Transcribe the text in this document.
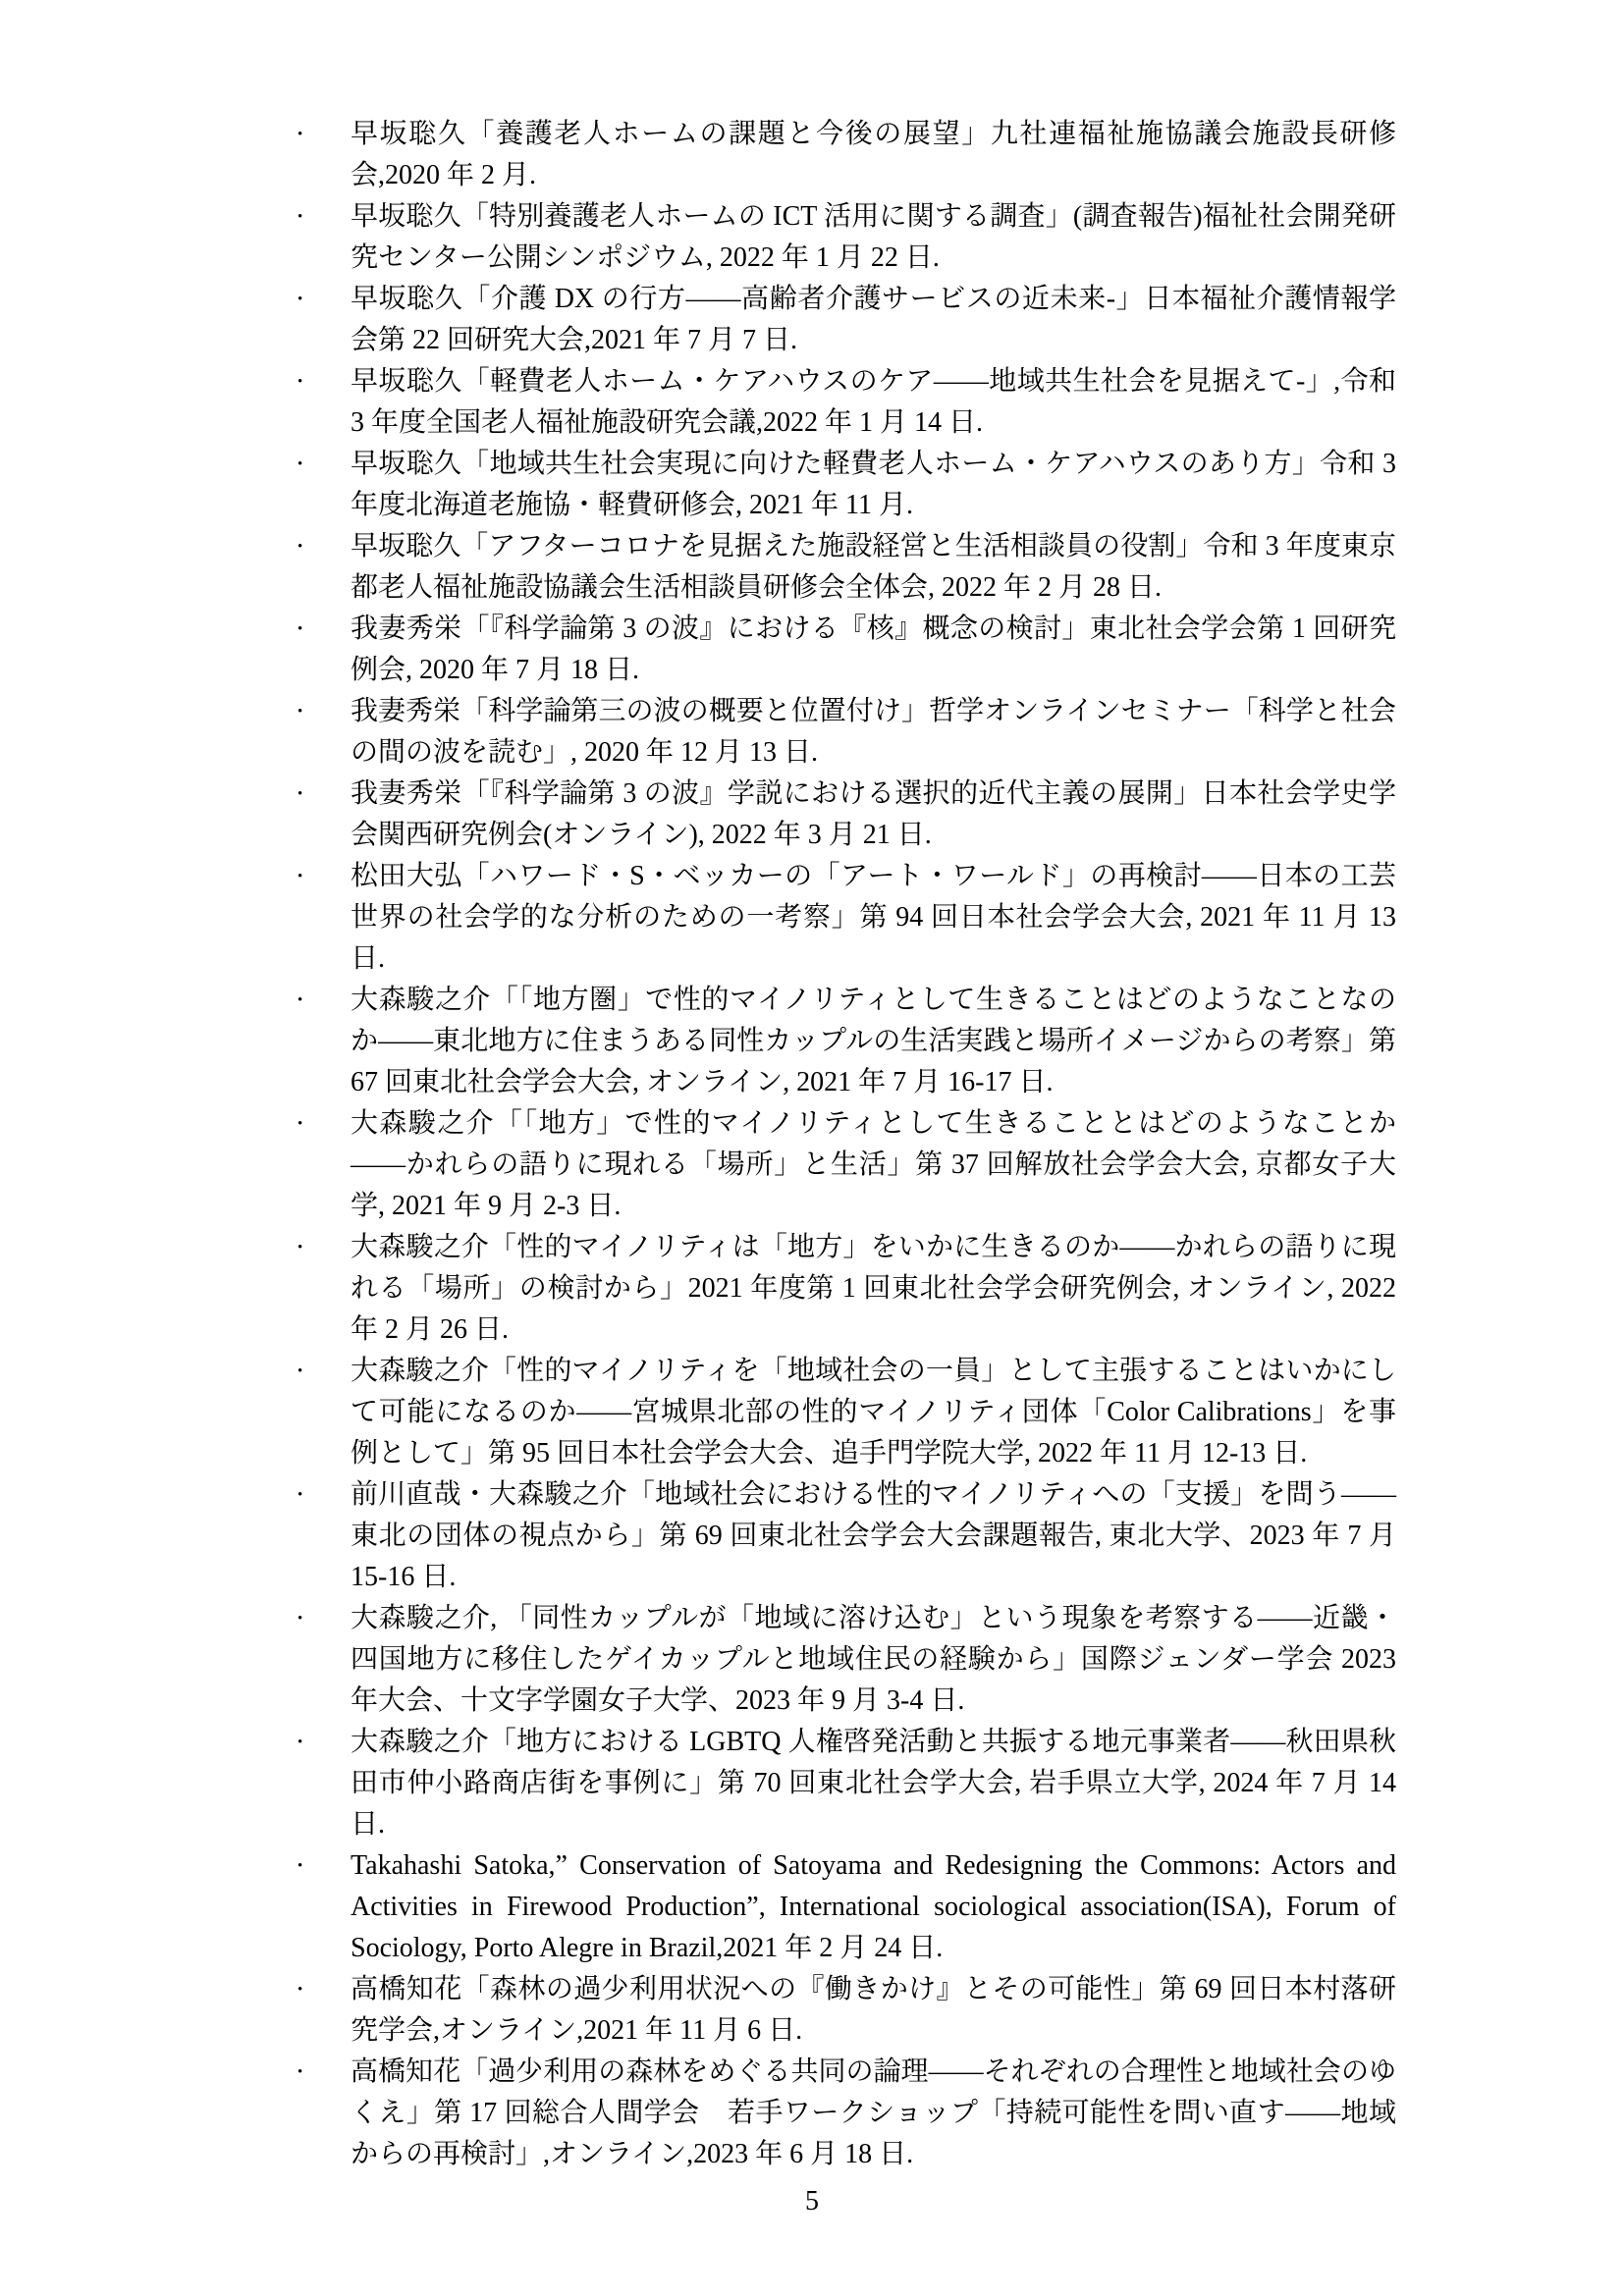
• 早坂聡久「養護老人ホームの課題と今後の展望」九社連福祉施協議会施設長研修会,2020 年 2 月.
• 早坂聡久「特別養護老人ホームの ICT 活用に関する調査」(調査報告)福祉社会開発研究センター公開シンポジウム, 2022 年 1 月 22 日.
• 早坂聡久「介護 DX の行方――高齢者介護サービスの近未来-」日本福祉介護情報学会第 22 回研究大会,2021 年 7 月 7 日.
• 早坂聡久「軽費老人ホーム・ケアハウスのケア――地域共生社会を見据えて-」,令和 3 年度全国老人福祉施設研究会議,2022 年 1 月 14 日.
• 早坂聡久「地域共生社会実現に向けた軽費老人ホーム・ケアハウスのあり方」令和 3 年度北海道老施協・軽費研修会, 2021 年 11 月.
• 早坂聡久「アフターコロナを見据えた施設経営と生活相談員の役割」令和 3 年度東京都老人福祉施設協議会生活相談員研修会全体会, 2022 年 2 月 28 日.
• 我妻秀栄「『科学論第 3 の波』における『核』概念の検討」東北社会学会第 1 回研究例会, 2020 年 7 月 18 日.
• 我妻秀栄「科学論第三の波の概要と位置付け」哲学オンラインセミナー「科学と社会の間の波を読む」, 2020 年 12 月 13 日.
• 我妻秀栄「『科学論第 3 の波』学説における選択的近代主義の展開」日本社会学史学会関西研究例会(オンライン), 2022 年 3 月 21 日.
• 松田大弘「ハワード・S・ベッカーの「アート・ワールド」の再検討――日本の工芸世界の社会学的な分析のための一考察」第 94 回日本社会学会大会, 2021 年 11 月 13 日.
• 大森駿之介「「地方圏」で性的マイノリティとして生きることはどのようなことなのか――東北地方に住まうある同性カップルの生活実践と場所イメージからの考察」第 67 回東北社会学会大会, オンライン, 2021 年 7 月 16-17 日.
• 大森駿之介「「地方」で性的マイノリティとして生きることとはどのようなことか――かれらの語りに現れる「場所」と生活」第 37 回解放社会学会大会, 京都女子大学, 2021 年 9 月 2-3 日.
• 大森駿之介「性的マイノリティは「地方」をいかに生きるのか――かれらの語りに現れる「場所」の検討から」2021 年度第 1 回東北社会学会研究例会, オンライン, 2022 年 2 月 26 日.
• 大森駿之介「性的マイノリティを「地域社会の一員」として主張することはいかにして可能になるのか――宮城県北部の性的マイノリティ団体「Color Calibrations」を事例として」第 95 回日本社会学会大会、追手門学院大学, 2022 年 11 月 12-13 日.
• 前川直哉・大森駿之介「地域社会における性的マイノリティへの「支援」を問う――東北の団体の視点から」第 69 回東北社会学会大会課題報告, 東北大学、2023 年 7 月 15-16 日.
• 大森駿之介, 「同性カップルが「地域に溶け込む」という現象を考察する――近畿・四国地方に移住したゲイカップルと地域住民の経験から」国際ジェンダー学会 2023 年大会、十文字学園女子大学、2023 年 9 月 3-4 日.
• 大森駿之介「地方における LGBTQ 人権啓発活動と共振する地元事業者――秋田県秋田市仲小路商店街を事例に」第 70 回東北社会学大会, 岩手県立大学, 2024 年 7 月 14 日.
• Takahashi Satoka,” Conservation of Satoyama and Redesigning the Commons: Actors and Activities in Firewood Production”, International sociological association(ISA), Forum of Sociology, Porto Alegre in Brazil,2021 年 2 月 24 日.
• 高橋知花「森林の過少利用状況への『働きかけ』とその可能性」第 69 回日本村落研究学会,オンライン,2021 年 11 月 6 日.
• 高橋知花「過少利用の森林をめぐる共同の論理――それぞれの合理性と地域社会のゆくえ」第 17 回総合人間学会　若手ワークショップ「持続可能性を問い直す――地域からの再検討」,オンライン,2023 年 6 月 18 日.
5
